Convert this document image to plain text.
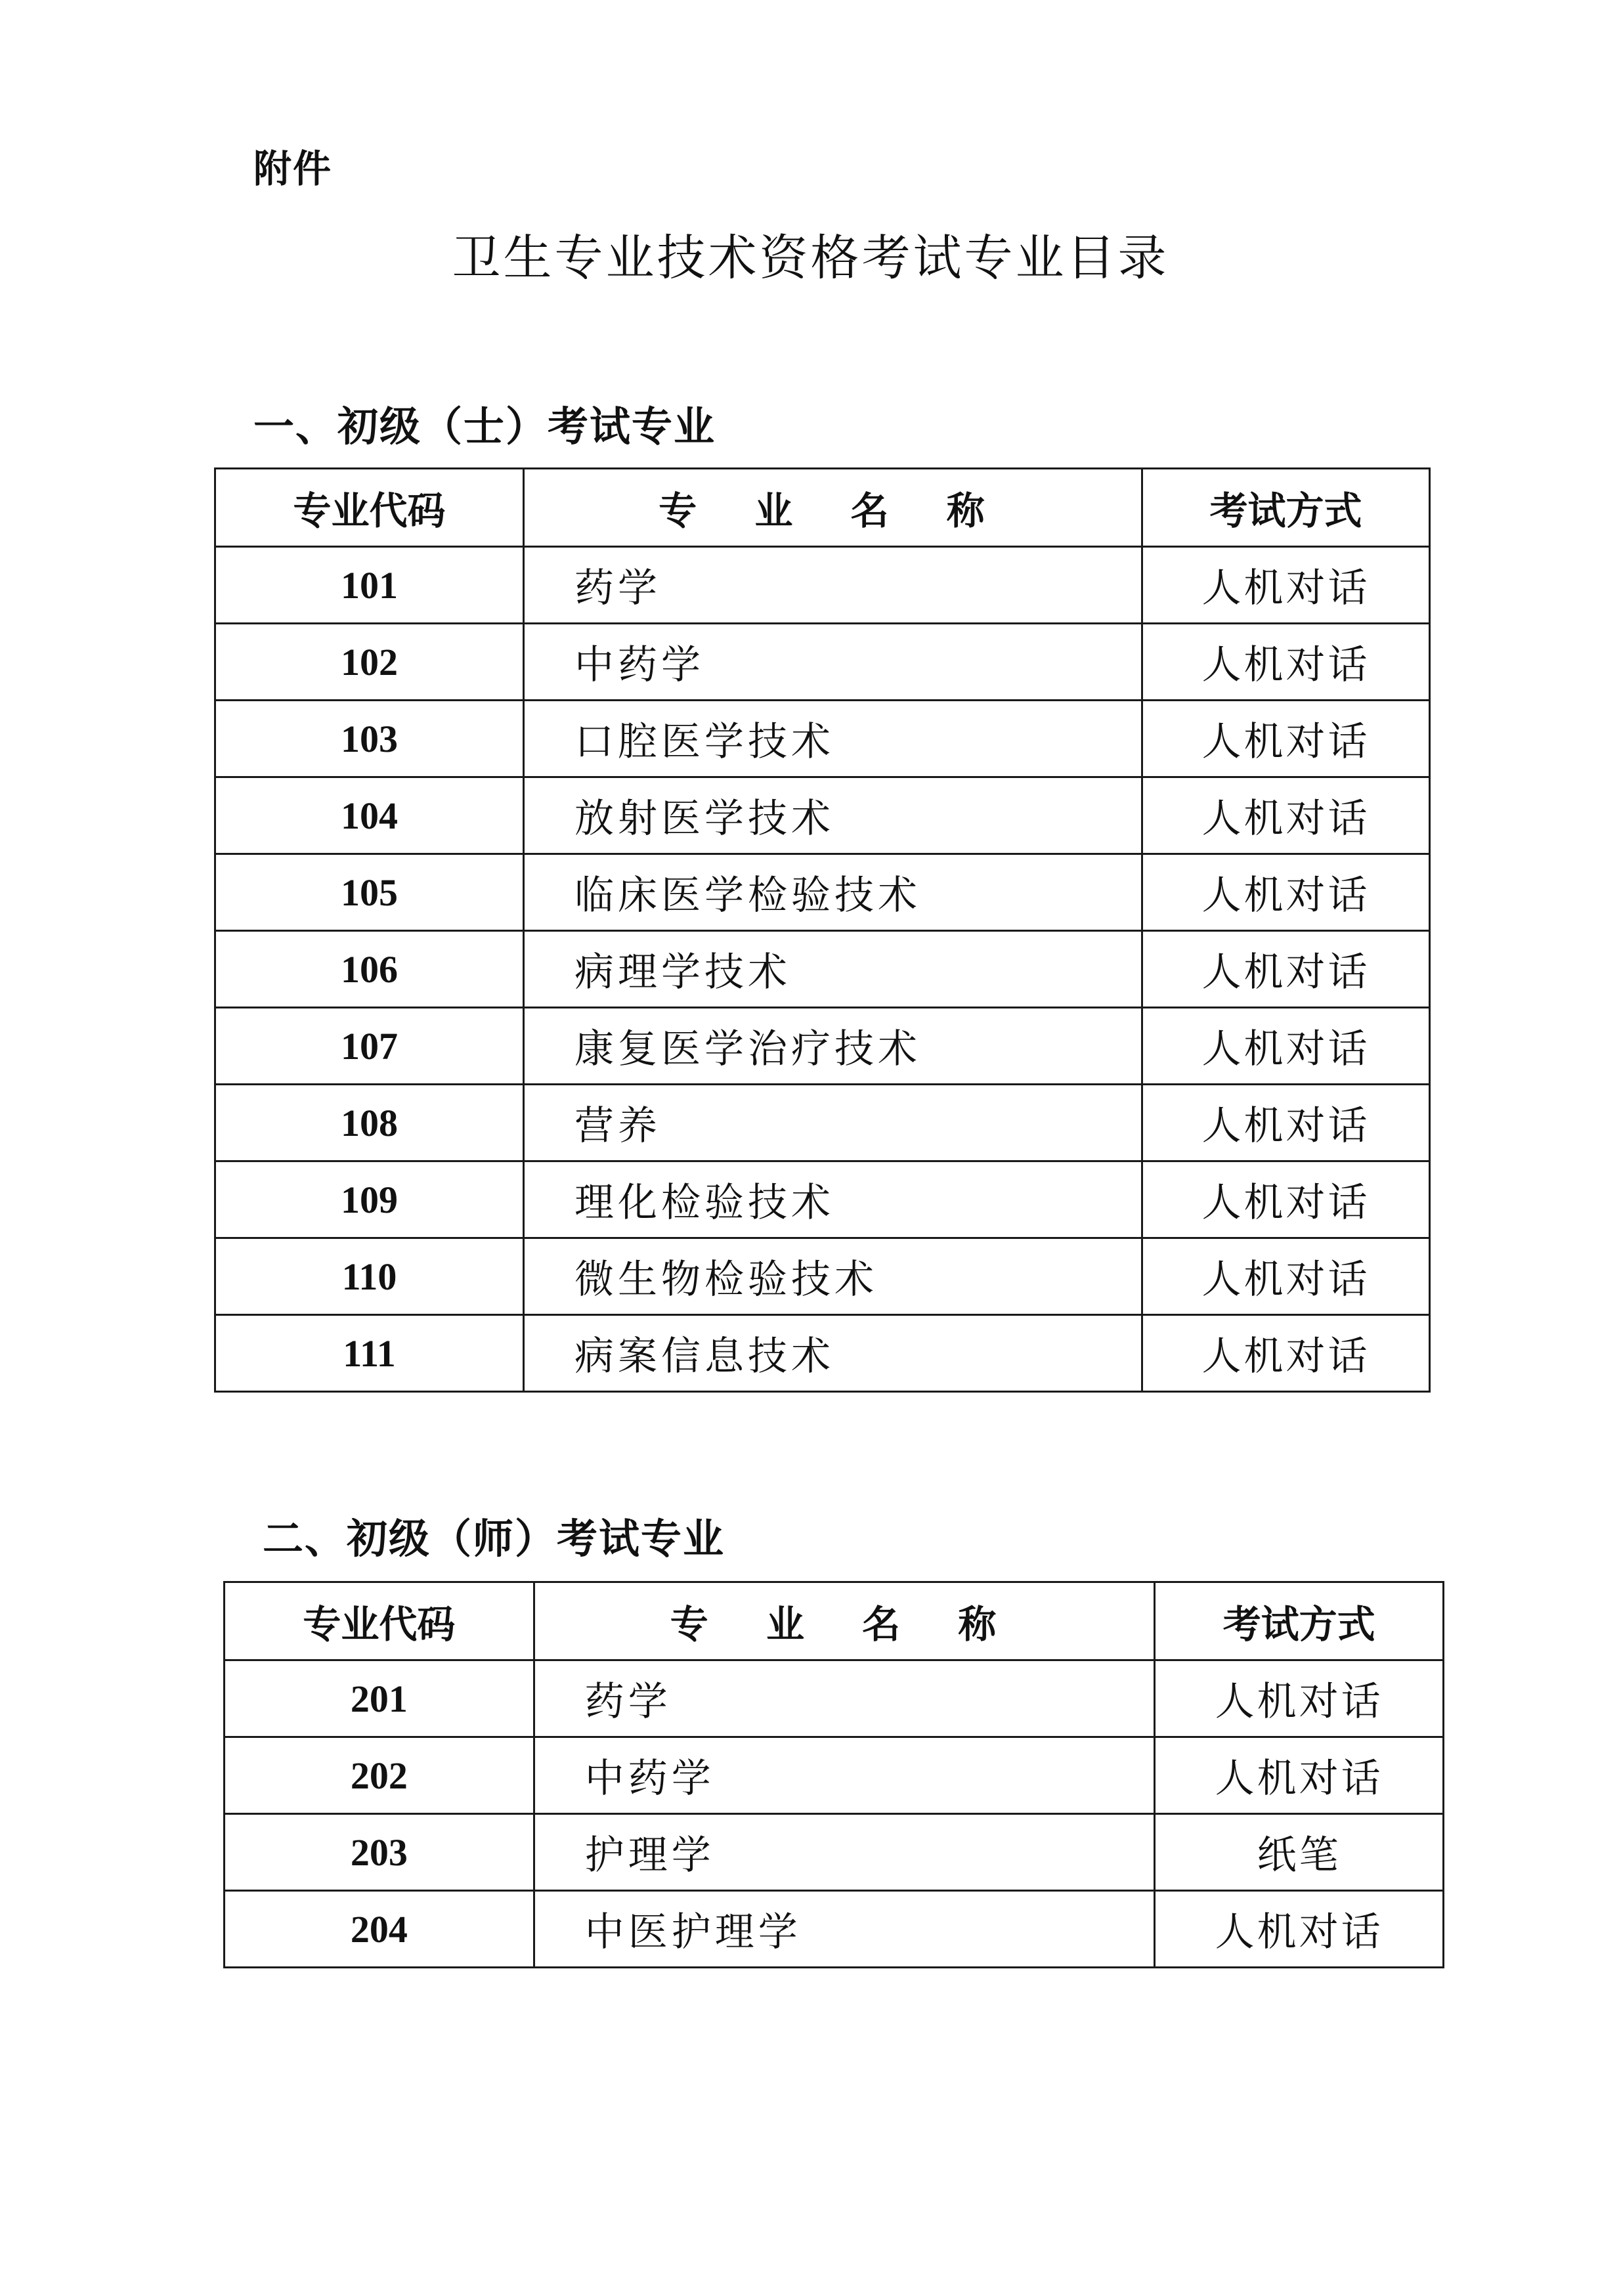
附件
卫生专业技术资格考试专业目录
一、初级（士）考试专业
专业代码	专 业 名 称	考试方式
101	药学	人机对话
102	中药学	人机对话
103	口腔医学技术	人机对话
104	放射医学技术	人机对话
105	临床医学检验技术	人机对话
106	病理学技术	人机对话
107	康复医学治疗技术	人机对话
108	营养	人机对话
109	理化检验技术	人机对话
110	微生物检验技术	人机对话
111	病案信息技术	人机对话
二、初级（师）考试专业
专业代码	专 业 名 称	考试方式
201	药学	人机对话
202	中药学	人机对话
203	护理学	纸笔
204	中医护理学	人机对话
